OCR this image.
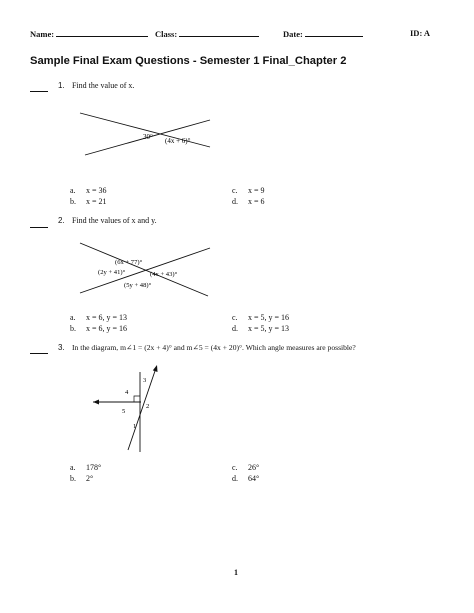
Name:	Class:	Date:	ID: A
Sample Final Exam Questions - Semester 1 Final_Chapter 2
1. Find the value of x.
30° (4x + 6)°
a. x = 36
b. x = 21
c. x = 9
d. x = 6
2. Find the values of x and y.
(6x + 77)°
(2y + 41)°	(4x + 43)°
(5y + 48)°
a. x = 6, y = 13
b. x = 6, y = 16
c. x = 5, y = 16
d. x = 5, y = 13
3. In the diagram, m∠1 = (2x + 4)° and m∠5 = (4x + 20)°. Which angle measures are possible?
4
3
2
5
1
a. 178°
b. 2°
c. 26°
d. 64°
1
